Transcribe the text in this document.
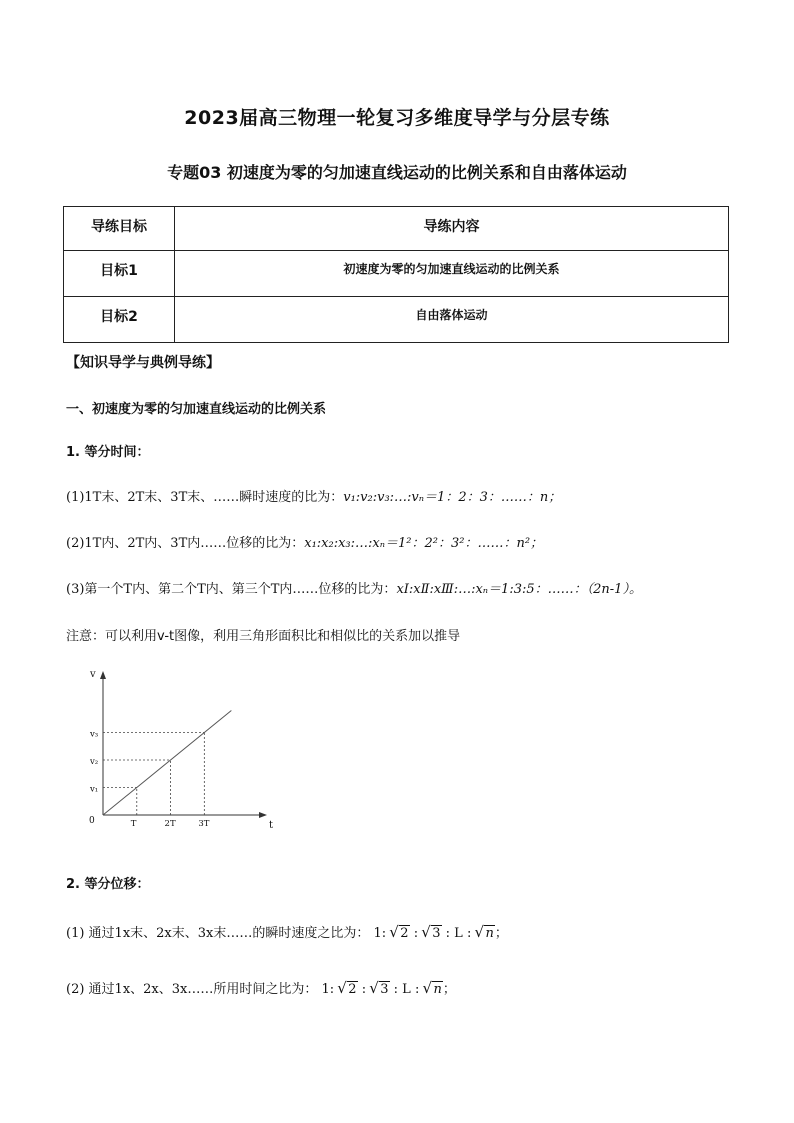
2023届高三物理一轮复习多维度导学与分层专练
专题03 初速度为零的匀加速直线运动的比例关系和自由落体运动
导练目标	导练内容

目标1	初速度为零的匀加速直线运动的比例关系

目标2	自由落体运动
【知识导学与典例导练】
一、初速度为零的匀加速直线运动的比例关系
1. 等分时间：
(1)1T末、2T末、3T末、……瞬时速度的比为：v₁:v₂:v₃:…:vₙ＝1：2：3：……：n；
(2)1T内、2T内、3T内……位移的比为：x₁:x₂:x₃:…:xₙ＝1²：2²：3²：……：n²；
(3)第一个T内、第二个T内、第三个T内……位移的比为：xⅠ:xⅡ:xⅢ:…:xₙ＝1:3:5：……：（2n-1）。
注意：可以利用v-t图像，利用三角形面积比和相似比的关系加以推导
T
v₁
2T
v₂
3T
v₃
0	t
v
2. 等分位移：
(1) 通过1x末、2x末、3x末……的瞬时速度之比为： 1: √ 2 : √ 3 : L : √ n；
(2) 通过1x、2x、3x……所用时间之比为： 1: √ 2 : √ 3 : L : √ n；
